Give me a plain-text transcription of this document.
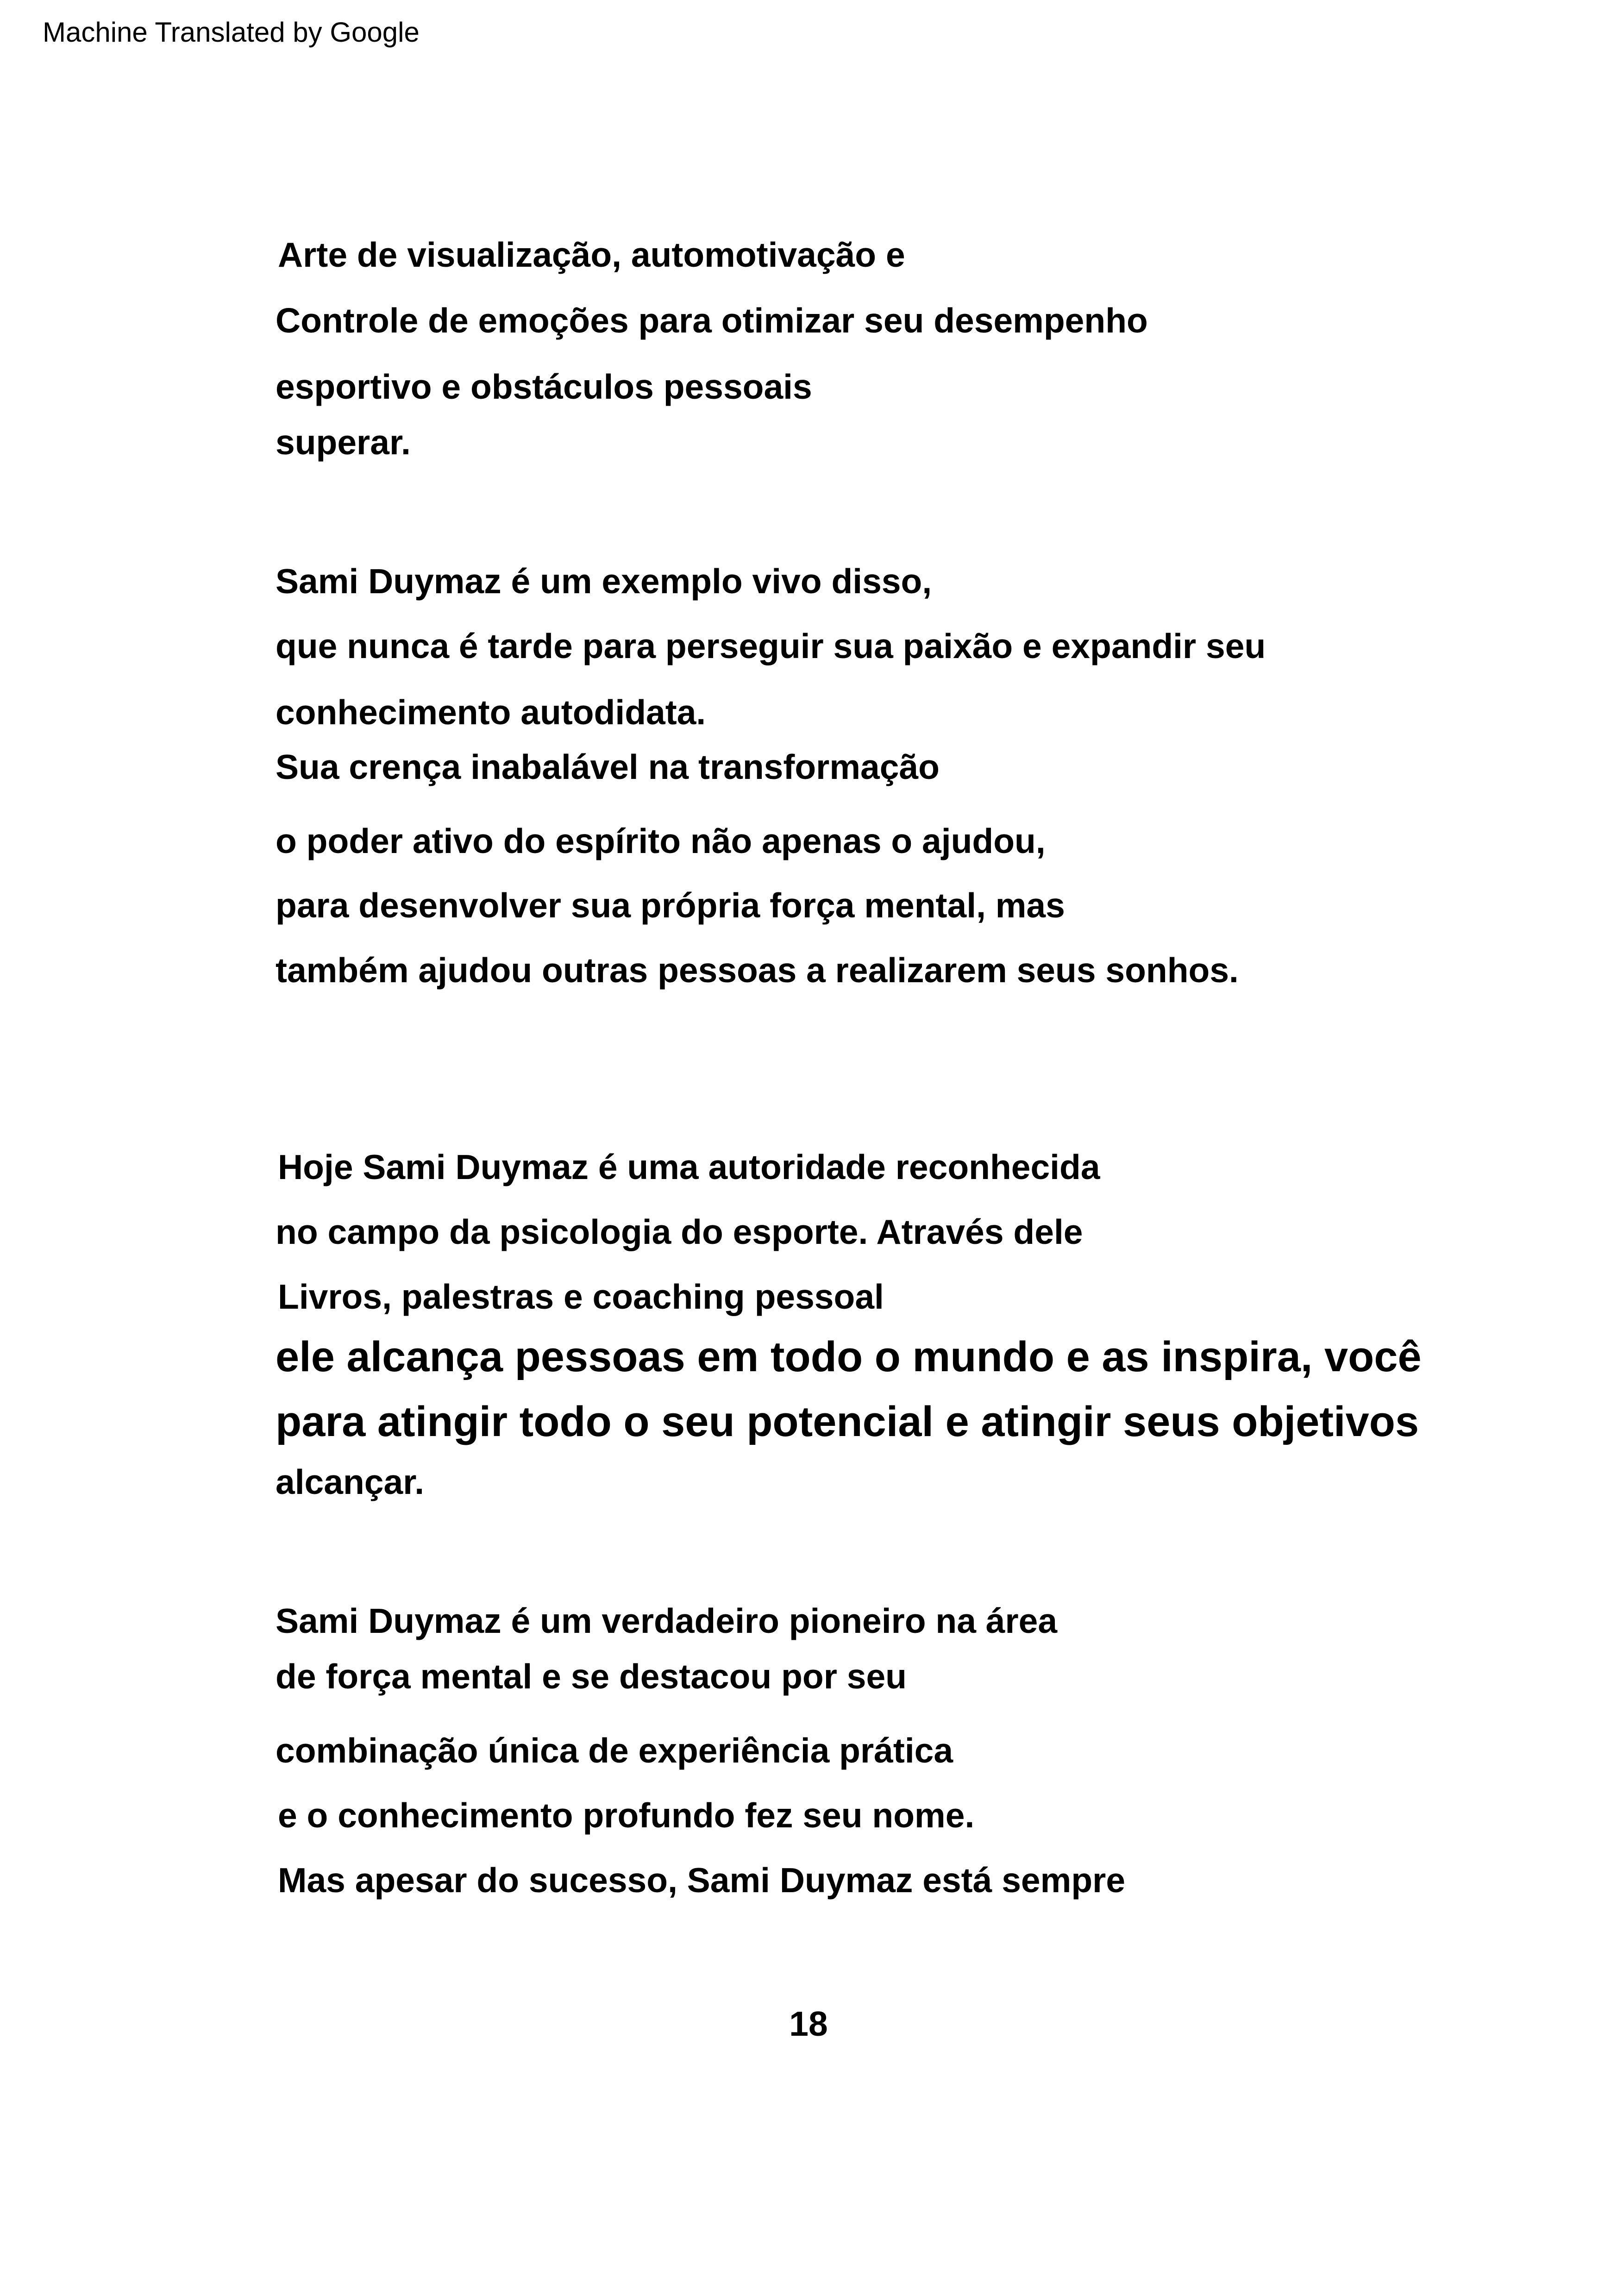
Machine Translated by Google
Arte de visualização, automotivação e
Controle de emoções para otimizar seu desempenho
esportivo e obstáculos pessoais
superar.
Sami Duymaz é um exemplo vivo disso,
que nunca é tarde para perseguir sua paixão e expandir seu
conhecimento autodidata.
Sua crença inabalável na transformação
o poder ativo do espírito não apenas o ajudou,
para desenvolver sua própria força mental, mas
também ajudou outras pessoas a realizarem seus sonhos.
Hoje Sami Duymaz é uma autoridade reconhecida
no campo da psicologia do esporte. Através dele
Livros, palestras e coaching pessoal
ele alcança pessoas em todo o mundo e as inspira, você
para atingir todo o seu potencial e atingir seus objetivos
alcançar.
Sami Duymaz é um verdadeiro pioneiro na área
de força mental e se destacou por seu
combinação única de experiência prática
e o conhecimento profundo fez seu nome.
Mas apesar do sucesso, Sami Duymaz está sempre
18
